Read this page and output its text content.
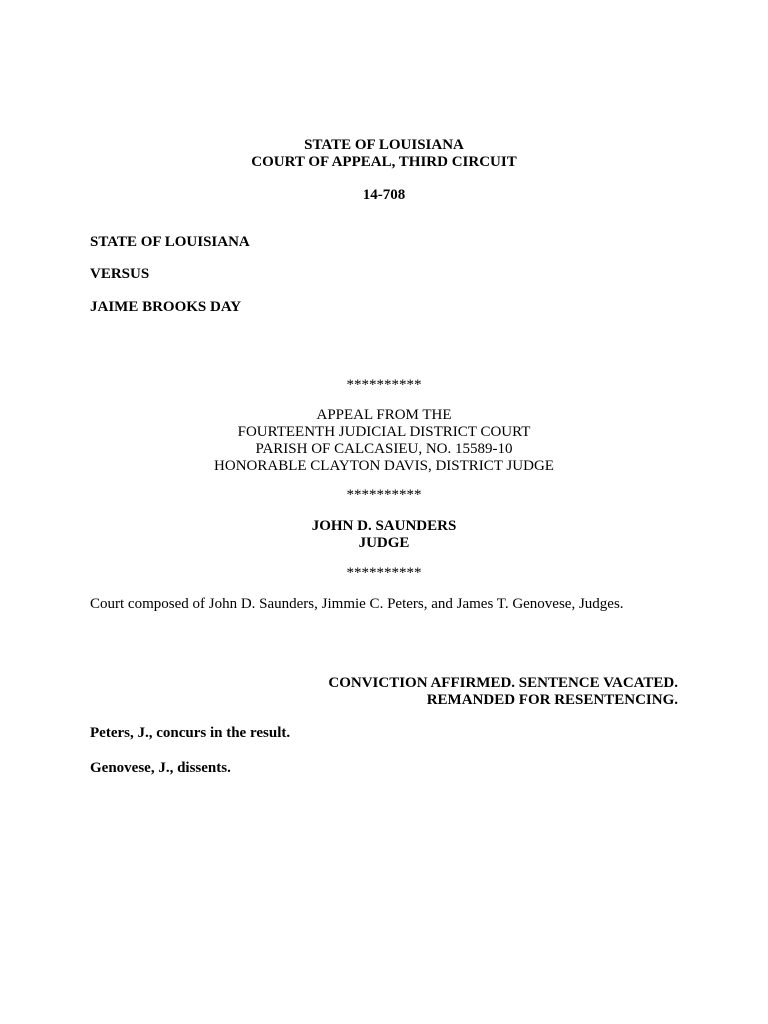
STATE OF LOUISIANA
COURT OF APPEAL, THIRD CIRCUIT
14-708
STATE OF LOUISIANA
VERSUS
JAIME BROOKS DAY
**********
APPEAL FROM THE
FOURTEENTH JUDICIAL DISTRICT COURT
PARISH OF CALCASIEU, NO. 15589-10
HONORABLE CLAYTON DAVIS, DISTRICT JUDGE
**********
JOHN D. SAUNDERS
JUDGE
**********
Court composed of John D. Saunders, Jimmie C. Peters, and James T. Genovese, Judges.
CONVICTION AFFIRMED. SENTENCE VACATED.
REMANDED FOR RESENTENCING.
Peters, J., concurs in the result.
Genovese, J., dissents.
